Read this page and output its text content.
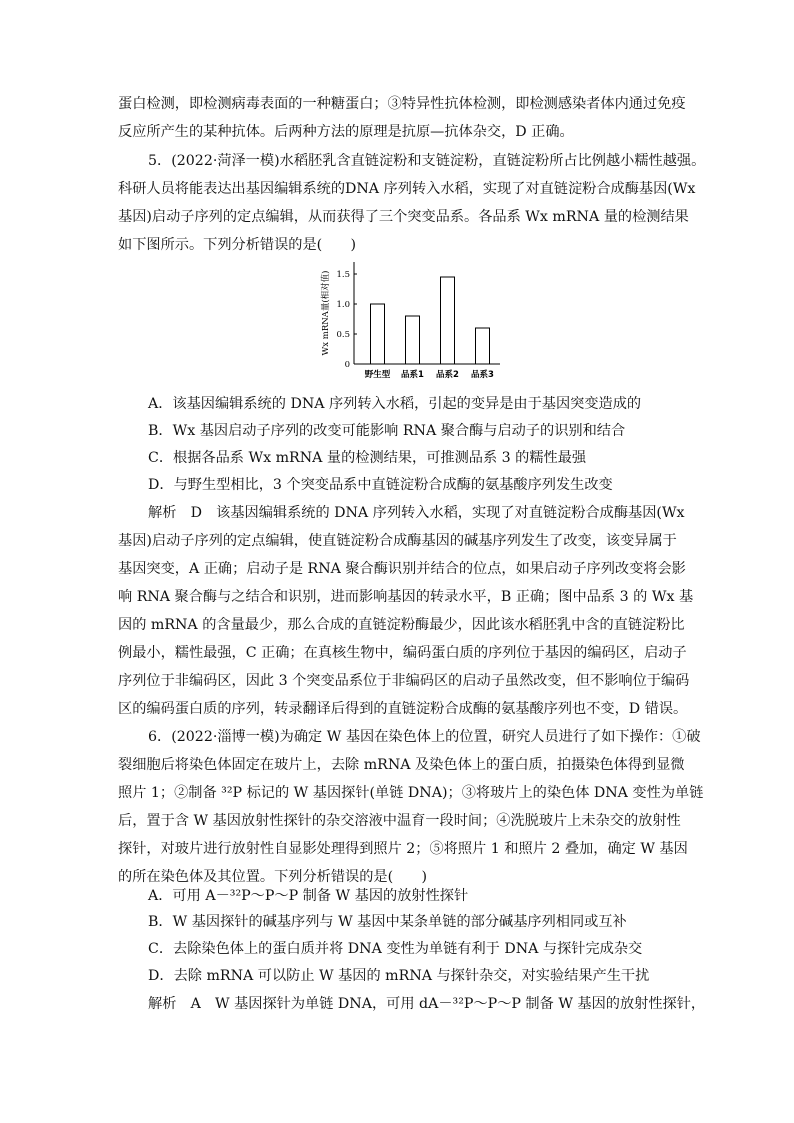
蛋白检测，即检测病毒表面的一种糖蛋白；③特异性抗体检测，即检测感染者体内通过免疫
反应所产生的某种抗体。后两种方法的原理是抗原—抗体杂交，D 正确。
5．(2022·菏泽一模)水稻胚乳含直链淀粉和支链淀粉，直链淀粉所占比例越小糯性越强。
科研人员将能表达出基因编辑系统的DNA 序列转入水稻，实现了对直链淀粉合成酶基因(Wx
基因)启动子序列的定点编辑，从而获得了三个突变品系。各品系 Wx mRNA 量的检测结果
如下图所示。下列分析错误的是(　　)
0
0.5
1.0
1.5
Wx mRNA量(相对值)
野生型 品系1 品系2 品系3
A．该基因编辑系统的 DNA 序列转入水稻，引起的变异是由于基因突变造成的
B．Wx 基因启动子序列的改变可能影响 RNA 聚合酶与启动子的识别和结合
C．根据各品系 Wx mRNA 量的检测结果，可推测品系 3 的糯性最强
D．与野生型相比，3 个突变品系中直链淀粉合成酶的氨基酸序列发生改变
解析　D　该基因编辑系统的 DNA 序列转入水稻，实现了对直链淀粉合成酶基因(Wx
基因)启动子序列的定点编辑，使直链淀粉合成酶基因的碱基序列发生了改变，该变异属于
基因突变，A 正确；启动子是 RNA 聚合酶识别并结合的位点，如果启动子序列改变将会影
响 RNA 聚合酶与之结合和识别，进而影响基因的转录水平，B 正确；图中品系 3 的 Wx 基
因的 mRNA 的含量最少，那么合成的直链淀粉酶最少，因此该水稻胚乳中含的直链淀粉比
例最小，糯性最强，C 正确；在真核生物中，编码蛋白质的序列位于基因的编码区，启动子
序列位于非编码区，因此 3 个突变品系位于非编码区的启动子虽然改变，但不影响位于编码
区的编码蛋白质的序列，转录翻译后得到的直链淀粉合成酶的氨基酸序列也不变，D 错误。
6．(2022·淄博一模)为确定 W 基因在染色体上的位置，研究人员进行了如下操作：①破
裂细胞后将染色体固定在玻片上，去除 mRNA 及染色体上的蛋白质，拍摄染色体得到显微
照片 1；②制备 ³²P 标记的 W 基因探针(单链 DNA)；③将玻片上的染色体 DNA 变性为单链
后，置于含 W 基因放射性探针的杂交溶液中温育一段时间；④洗脱玻片上未杂交的放射性
探针，对玻片进行放射性自显影处理得到照片 2；⑤将照片 1 和照片 2 叠加，确定 W 基因
的所在染色体及其位置。下列分析错误的是(　　)
A．可用 A－³²P～P～P 制备 W 基因的放射性探针
B．W 基因探针的碱基序列与 W 基因中某条单链的部分碱基序列相同或互补
C．去除染色体上的蛋白质并将 DNA 变性为单链有利于 DNA 与探针完成杂交
D．去除 mRNA 可以防止 W 基因的 mRNA 与探针杂交，对实验结果产生干扰
解析　A　W 基因探针为单链 DNA，可用 dA－³²P～P～P 制备 W 基因的放射性探针，
